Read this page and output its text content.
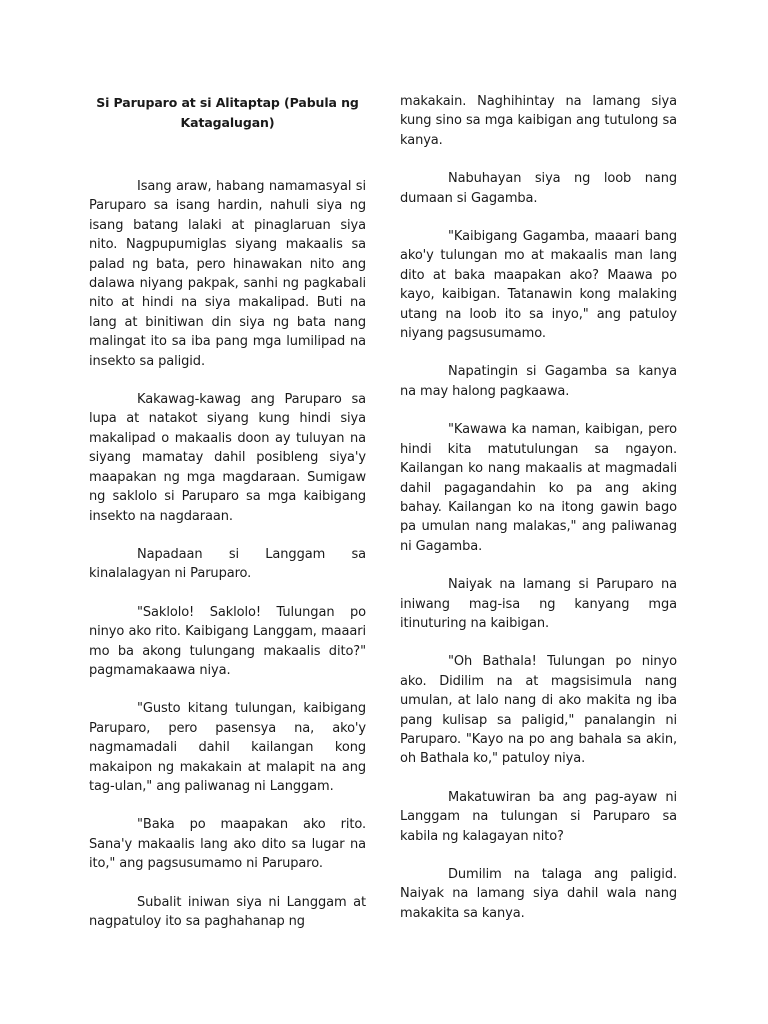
Si Paruparo at si Alitaptap (Pabula ng Katagalugan)

Isang araw, habang namamasyal si Paruparo sa isang hardin, nahuli siya ng isang batang lalaki at pinaglaruan siya nito. Nagpupumiglas siyang makaalis sa palad ng bata, pero hinawakan nito ang dalawa niyang pakpak, sanhi ng pagkabali nito at hindi na siya makalipad. Buti na lang at binitiwan din siya ng bata nang malingat ito sa iba pang mga lumilipad na insekto sa paligid.

Kakawag-kawag ang Paruparo sa lupa at natakot siyang kung hindi siya makalipad o makaalis doon ay tuluyan na siyang mamatay dahil posibleng siya'y maapakan ng mga magdaraan. Sumigaw ng saklolo si Paruparo sa mga kaibigang insekto na nagdaraan.

Napadaan si Langgam sa kinalalagyan ni Paruparo.

"Saklolo! Saklolo! Tulungan po ninyo ako rito. Kaibigang Langgam, maaari mo ba akong tulungang makaalis dito?" pagmamakaawa niya.

"Gusto kitang tulungan, kaibigang Paruparo, pero pasensya na, ako'y nagmamadali dahil kailangan kong makaipon ng makakain at malapit na ang tag-ulan," ang paliwanag ni Langgam.

"Baka po maapakan ako rito. Sana'y makaalis lang ako dito sa lugar na ito," ang pagsusumamo ni Paruparo.

Subalit iniwan siya ni Langgam at nagpatuloy ito sa paghahanap ng

makakain. Naghihintay na lamang siya kung sino sa mga kaibigan ang tutulong sa kanya.

Nabuhayan siya ng loob nang dumaan si Gagamba.

"Kaibigang Gagamba, maaari bang ako'y tulungan mo at makaalis man lang dito at baka maapakan ako? Maawa po kayo, kaibigan. Tatanawin kong malaking utang na loob ito sa inyo," ang patuloy niyang pagsusumamo.

Napatingin si Gagamba sa kanya na may halong pagkaawa.

"Kawawa ka naman, kaibigan, pero hindi kita matutulungan sa ngayon. Kailangan ko nang makaalis at magmadali dahil pagagandahin ko pa ang aking bahay. Kailangan ko na itong gawin bago pa umulan nang malakas," ang paliwanag ni Gagamba.

Naiyak na lamang si Paruparo na iniwang mag-isa ng kanyang mga itinuturing na kaibigan.

"Oh Bathala! Tulungan po ninyo ako. Didilim na at magsisimula nang umulan, at lalo nang di ako makita ng iba pang kulisap sa paligid," panalangin ni Paruparo. "Kayo na po ang bahala sa akin, oh Bathala ko," patuloy niya.

Makatuwiran ba ang pag-ayaw ni Langgam na tulungan si Paruparo sa kabila ng kalagayan nito?

Dumilim na talaga ang paligid. Naiyak na lamang siya dahil wala nang makakita sa kanya.
